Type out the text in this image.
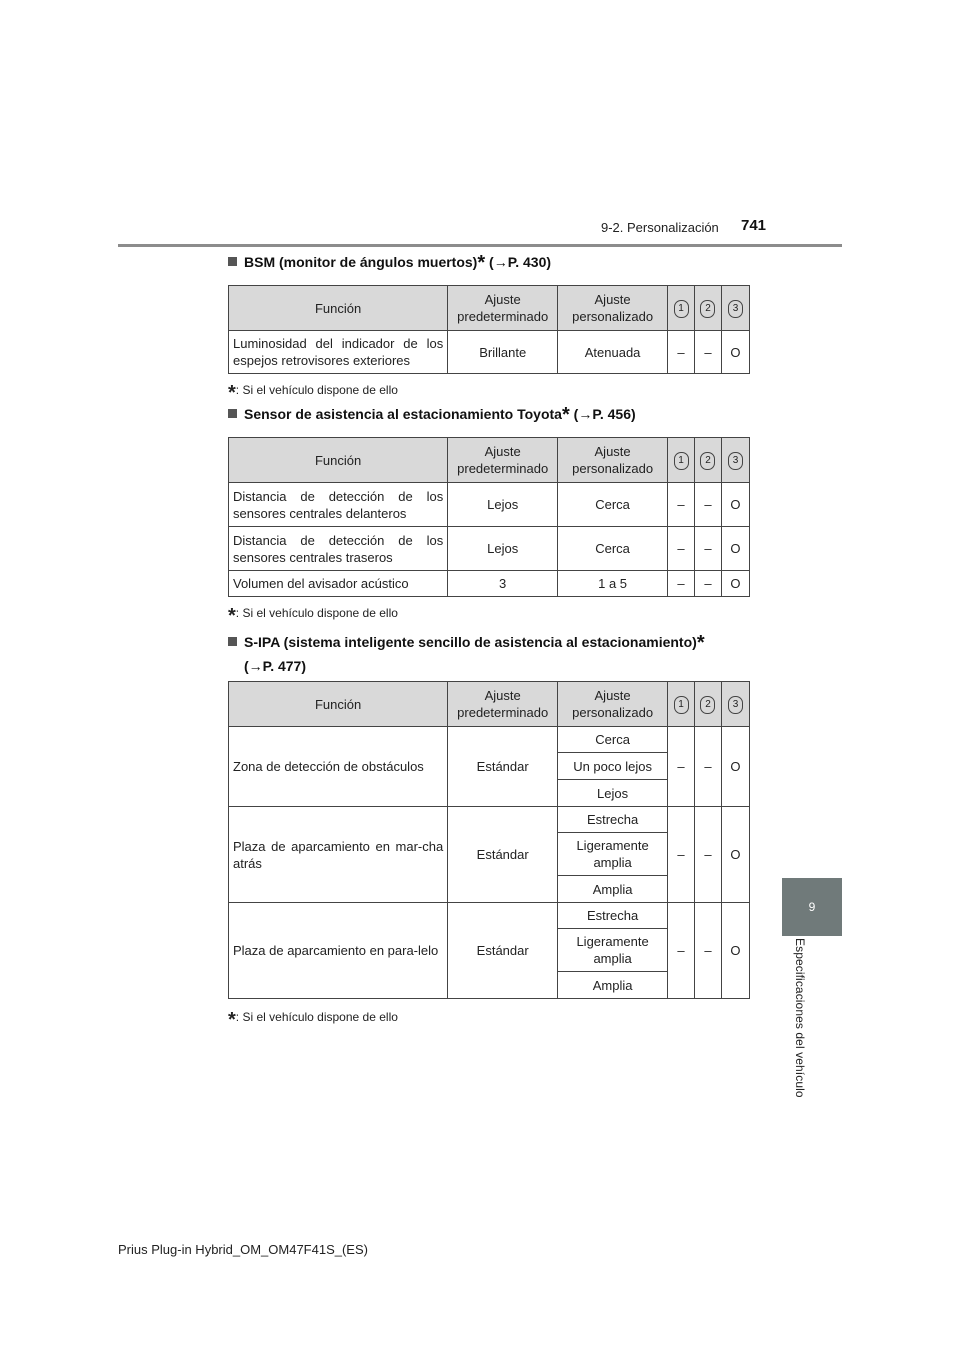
9-2. Personalización 741
9
Especificaciones del vehículo
BSM (monitor de ángulos muertos)* (→P. 430)
Función	Ajuste predeterminado	Ajuste personalizado	1	2	3
Luminosidad del indicador de los espejos retrovisores exteriores	Brillante	Atenuada	–	–	O
*: Si el vehículo dispone de ello
Sensor de asistencia al estacionamiento Toyota* (→P. 456)
Función	Ajuste predeterminado	Ajuste personalizado	1	2	3
Distancia de detección de los sensores centrales delanteros	Lejos	Cerca	–	–	O
Distancia de detección de los sensores centrales traseros	Lejos	Cerca	–	–	O
Volumen del avisador acústico	3	1 a 5	–	–	O
*: Si el vehículo dispone de ello
S-IPA (sistema inteligente sencillo de asistencia al estacionamiento)*
(→P. 477)
Función	Ajuste predeterminado	Ajuste personalizado	1	2	3
Zona de detección de obstáculos	Estándar	Cerca	–	–	O
		Un poco lejos			
		Lejos			
Plaza de aparcamiento en mar-cha atrás	Estándar	Estrecha	–	–	O
		Ligeramente amplia			
		Amplia			
Plaza de aparcamiento en para-lelo	Estándar	Estrecha	–	–	O
		Ligeramente amplia			
		Amplia			
*: Si el vehículo dispone de ello
Prius Plug-in Hybrid_OM_OM47F41S_(ES)
